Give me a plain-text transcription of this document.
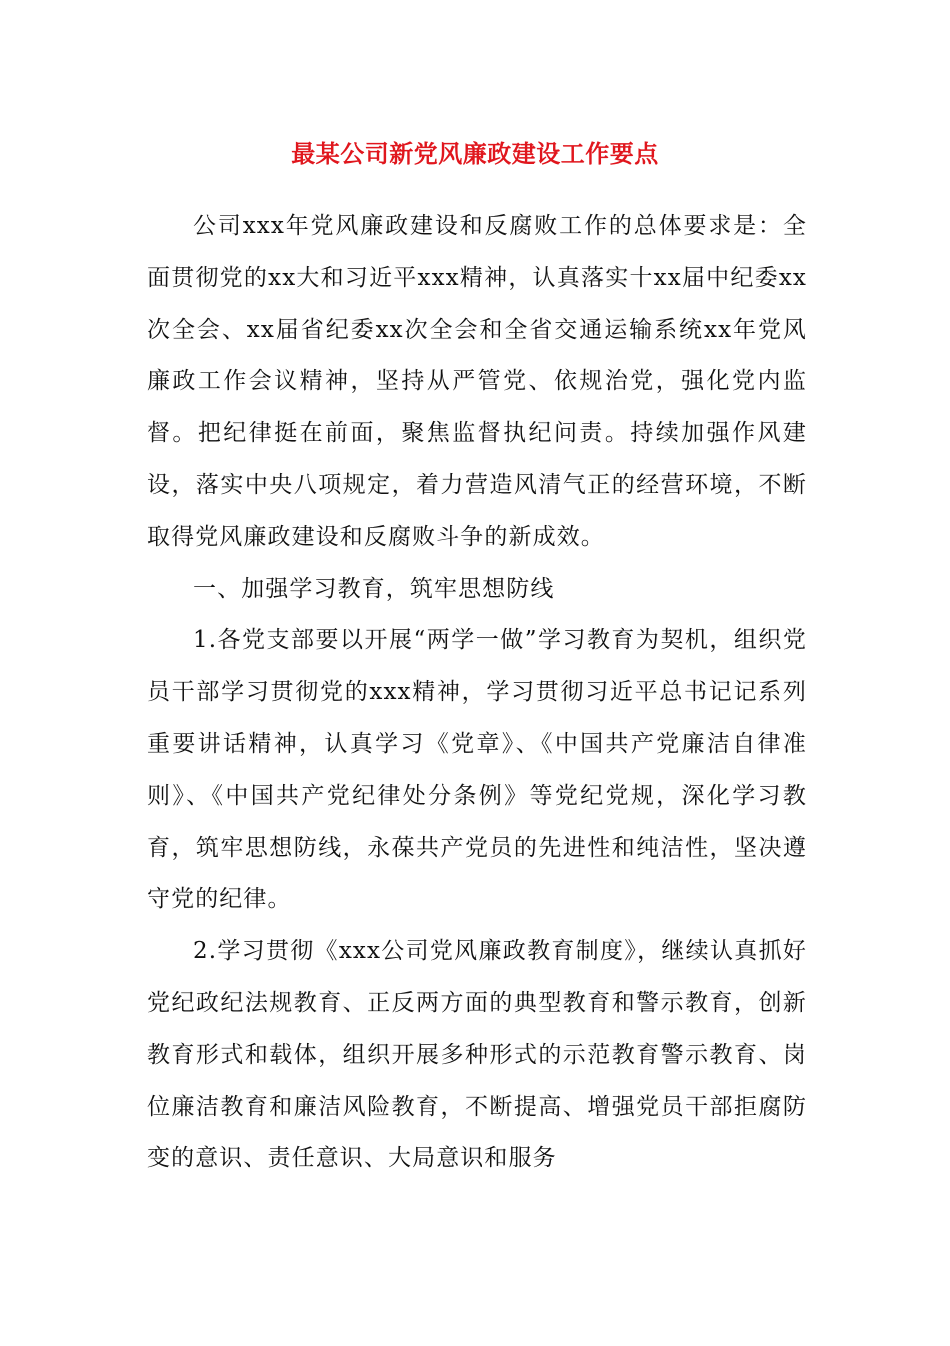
最某公司新党风廉政建设工作要点

公司xxx年党风廉政建设和反腐败工作的总体要求是：全面贯彻党的xx大和习近平xxx精神，认真落实十xx届中纪委xx次全会、xx届省纪委xx次全会和全省交通运输系统xx年党风廉政工作会议精神，坚持从严管党、依规治党，强化党内监督。把纪律挺在前面，聚焦监督执纪问责。持续加强作风建设，落实中央八项规定，着力营造风清气正的经营环境，不断取得党风廉政建设和反腐败斗争的新成效。

一、加强学习教育，筑牢思想防线

1.各党支部要以开展“两学一做”学习教育为契机，组织党员干部学习贯彻党的xxx精神，学习贯彻习近平总书记记系列重要讲话精神，认真学习《党章》、《中国共产党廉洁自律准则》、《中国共产党纪律处分条例》等党纪党规，深化学习教育，筑牢思想防线，永葆共产党员的先进性和纯洁性，坚决遵守党的纪律。

2.学习贯彻《xxx公司党风廉政教育制度》，继续认真抓好党纪政纪法规教育、正反两方面的典型教育和警示教育，创新教育形式和载体，组织开展多种形式的示范教育警示教育、岗位廉洁教育和廉洁风险教育，不断提高、增强党员干部拒腐防变的意识、责任意识、大局意识和服务
